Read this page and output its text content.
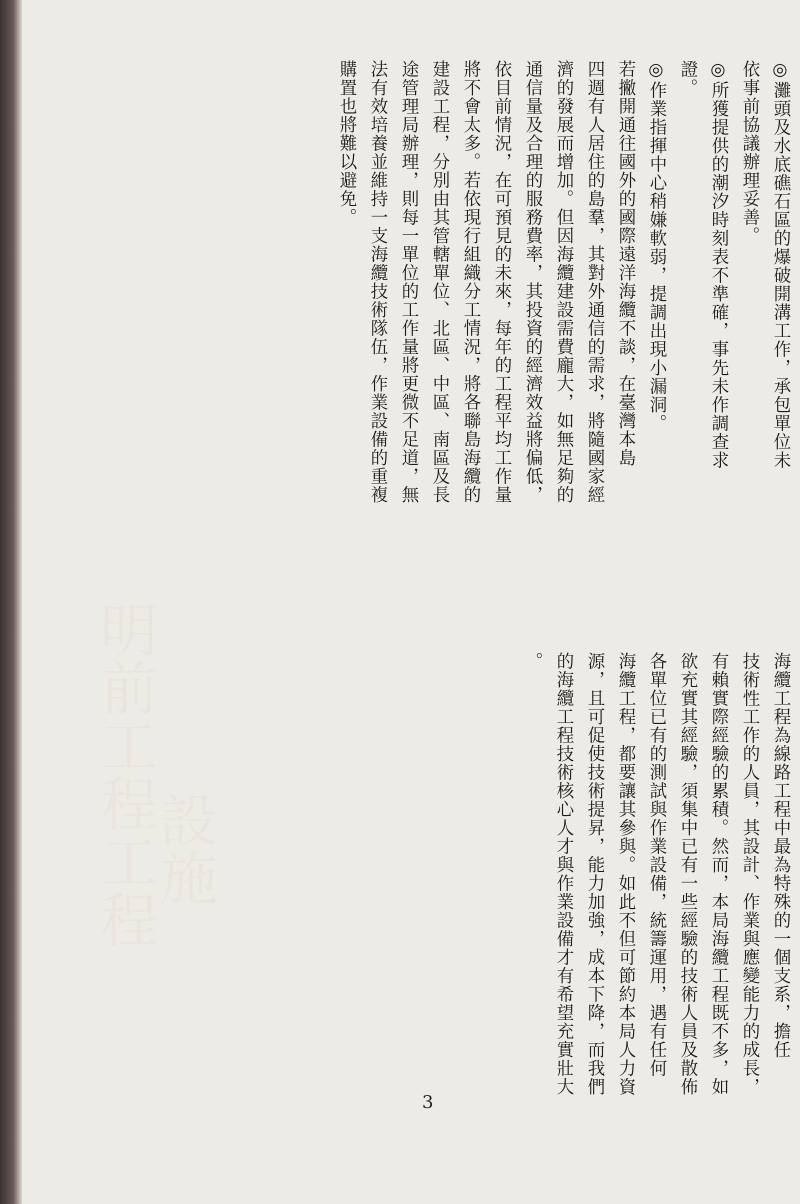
明前工程工程
設施
◎灘頭及水底礁石區的爆破開溝工作，承包單位未
依事前協議辦理妥善。
◎所獲提供的潮汐時刻表不準確，事先未作調查求
證。
◎作業指揮中心稍嫌軟弱，提調出現小漏洞。
若撇開通往國外的國際遠洋海纜不談，在臺灣本島
四週有人居住的島羣，其對外通信的需求，將隨國家經
濟的發展而增加。但因海纜建設需費龐大，如無足夠的
通信量及合理的服務費率，其投資的經濟效益將偏低，
依目前情況，在可預見的未來，每年的工程平均工作量
將不會太多。若依現行組織分工情況，將各聯島海纜的
建設工程，分別由其管轄單位、北區、中區、南區及長
途管理局辦理，則每一單位的工作量將更微不足道，無
法有效培養並維持一支海纜技術隊伍，作業設備的重複
購置也將難以避免。
海纜工程為線路工程中最為特殊的一個支系，擔任
技術性工作的人員，其設計、作業與應變能力的成長，
有賴實際經驗的累積。然而，本局海纜工程既不多，如
欲充實其經驗，須集中已有一些經驗的技術人員及散佈
各單位已有的測試與作業設備，統籌運用，遇有任何
海纜工程，都要讓其參與。如此不但可節約本局人力資
源，且可促使技術提昇，能力加強，成本下降，而我們
的海纜工程技術核心人才與作業設備才有希望充實壯大
。
3
